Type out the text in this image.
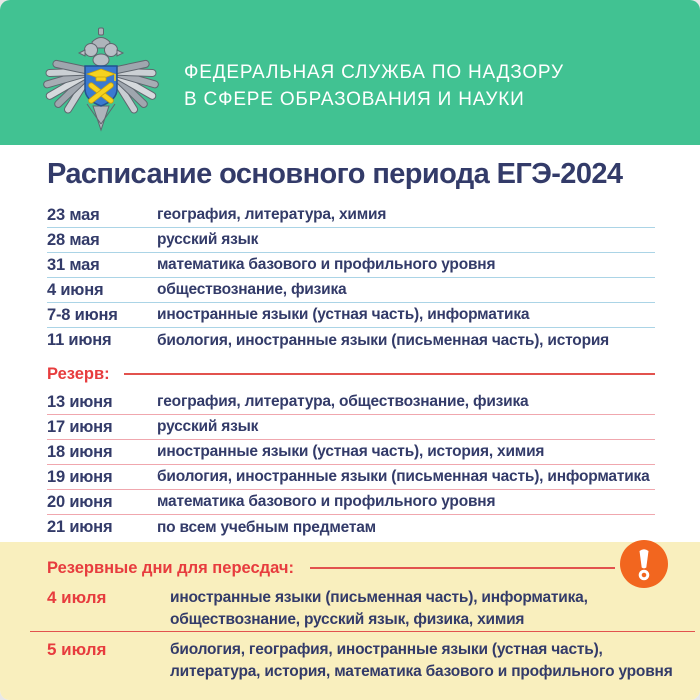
ФЕДЕРАЛЬНАЯ СЛУЖБА ПО НАДЗОРУ
В СФЕРЕ ОБРАЗОВАНИЯ И НАУКИ
Расписание основного периода ЕГЭ-2024
23 мая	география, литература, химия
28 мая	русский язык
31 мая	математика базового и профильного уровня
4 июня	обществознание, физика
7-8 июня	иностранные языки (устная часть), информатика
11 июня	биология, иностранные языки (письменная часть), история
Резерв:
13 июня	география, литература, обществознание, физика
17 июня	русский язык
18 июня	иностранные языки (устная часть), история, химия
19 июня	биология, иностранные языки (письменная часть), информатика
20 июня	математика базового и профильного уровня
21 июня	по всем учебным предметам
Резервные дни для пересдач:
4 июля	иностранные языки (письменная часть), информатика, обществознание, русский язык, физика, химия
5 июля	биология, география, иностранные языки (устная часть), литература, история, математика базового и профильного уровня
